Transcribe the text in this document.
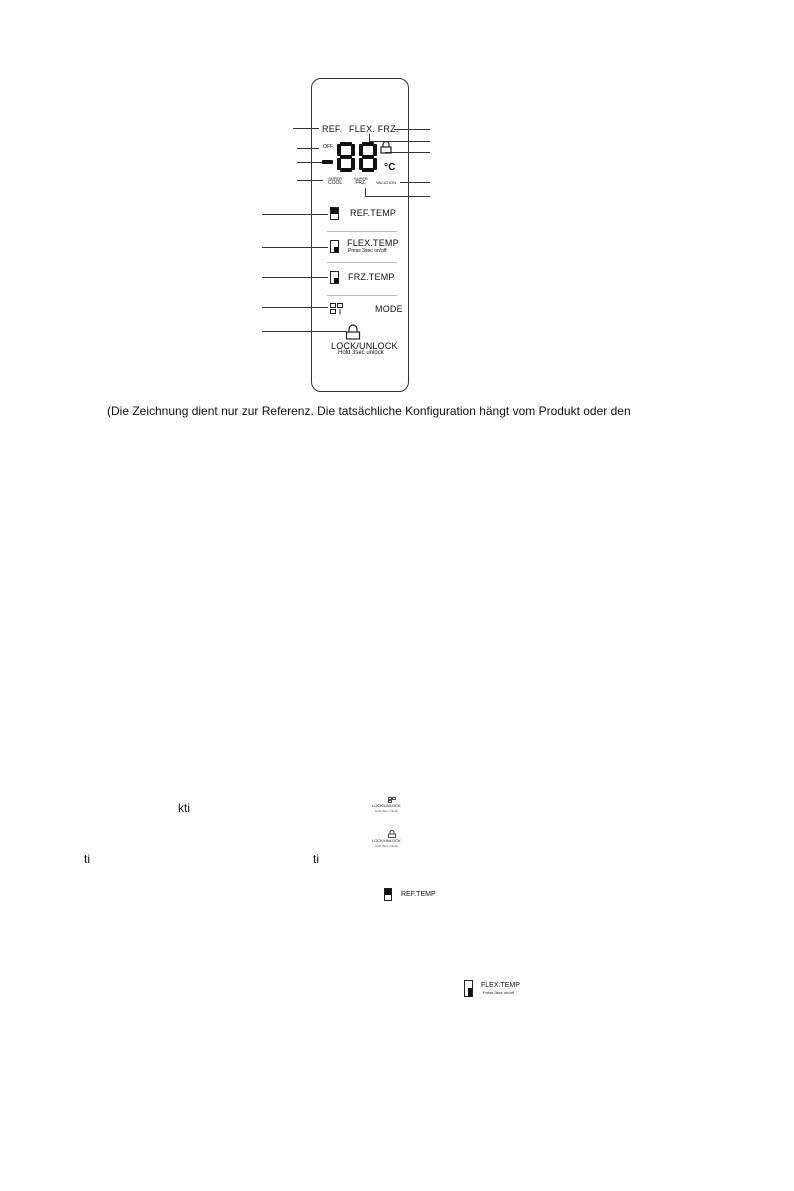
REF. FLEX. FRZ.
OFF
°C
SUPER
COOL
SUPER
FRZ.	VACATION
REF.TEMP
FLEX.TEMP
Press 3sec on/off
FRZ.TEMP
MODE
LOCK/UNLOCK
Hold 3sec unlock
(Die Zeichnung dient nur zur Referenz. Die tatsächliche Konfiguration hängt vom Produkt oder den
kti
ti	ti
LOCK/UNLOCK
Hold 3sec unlock
LOCK/UNLOCK
Hold 3sec unlock
REF.TEMP
FLEX.TEMP
Press 3sec on/off
